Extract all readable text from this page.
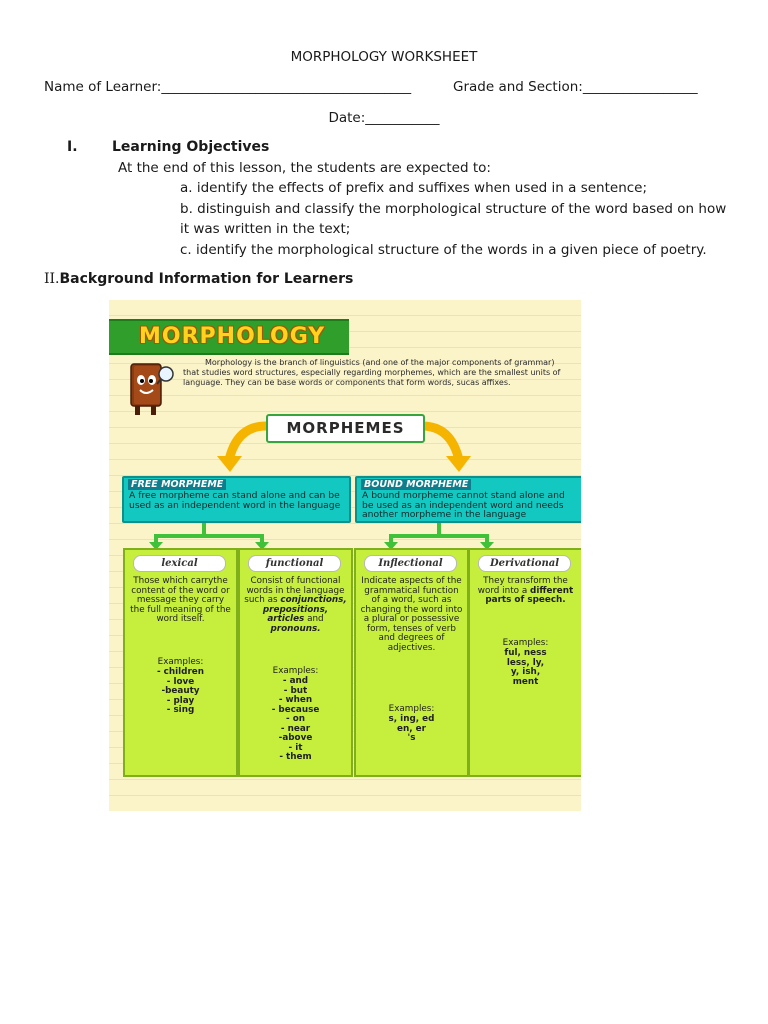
MORPHOLOGY WORKSHEET
Name of Learner:_____________________________________	Grade and Section:_________________
Date:___________
I. Learning Objectives
At the end of this lesson, the students are expected to:
a. identify the effects of prefix and suffixes when used in a sentence;
b. distinguish and classify the morphological structure of the word based on how
it was written in the text;
c. identify the morphological structure of the words in a given piece of poetry.
II.Background Information for Learners
MORPHOLOGY
Morphology is the branch of linguistics (and one of the major components of grammar) that studies word structures, especially regarding morphemes, which are the smallest units of language. They can be base words or components that form words, sucas affixes.
MORPHEMES
FREE MORPHEME
A free morpheme can stand alone and can be used as an independent word in the language
BOUND MORPHEME
A bound morpheme cannot stand alone and be used as an independent word and needs another morpheme in the language
lexical
Those which carrythe content of the word or message they carry the full meaning of the word itself.
Examples:
- children
- love
-beauty
- play
- sing
functional
Consist of functional words in the language such as conjunctions, prepositions, articles and pronouns.
Examples:
- and
- but
- when
- because
- on
- near
-above
- it
- them
Inflectional
Indicate aspects of the grammatical function of a word, such as changing the word into a plural or possessive form, tenses of verb and degrees of adjectives.
Examples:
s, ing, ed
en, er
's
Derivational
They transform the word into a different parts of speech.
Examples:
ful, ness
less, ly,
y, ish,
ment
